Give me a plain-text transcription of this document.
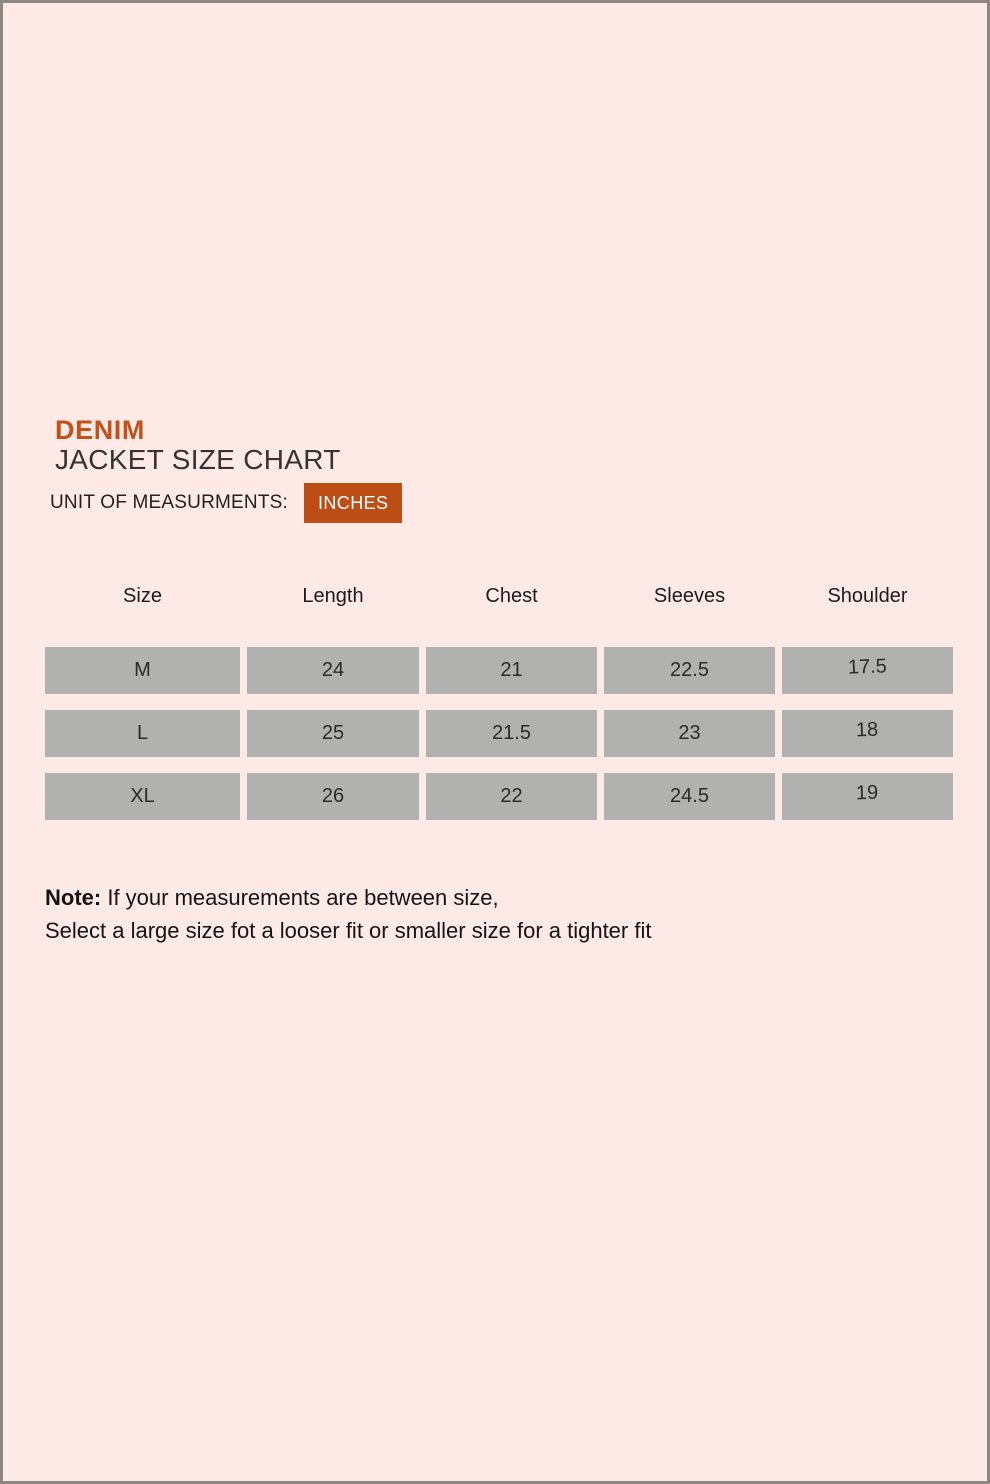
DENIM
JACKET SIZE CHART
UNIT OF MEASURMENTS:	INCHES
Size	Length	Chest	Sleeves	Shoulder
M	24	21	22.5	17.5
L	25	21.5	23	18
XL	26	22	24.5	19
Note: If your measurements are between size,
Select a large size fot a looser fit or smaller size for a tighter fit
